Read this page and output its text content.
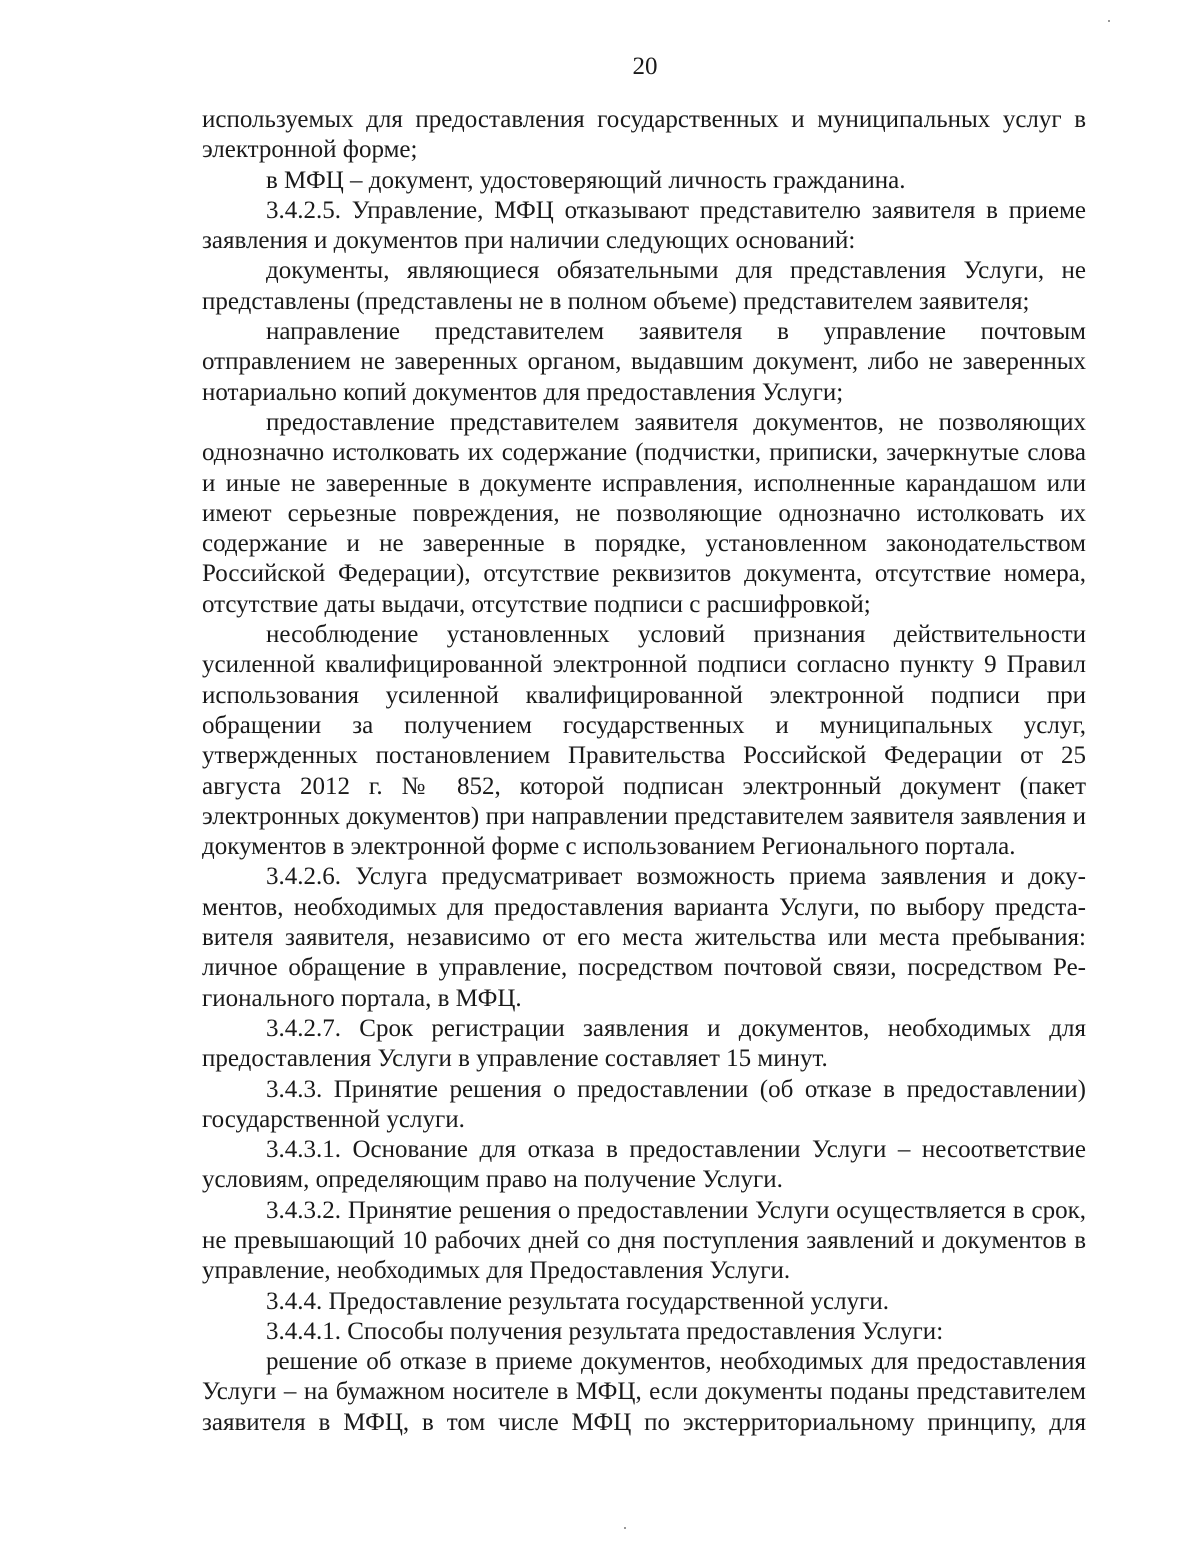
20

используемых для предоставления государственных и муниципальных услуг в электронной форме;

в МФЦ – документ, удостоверяющий личность гражданина.

3.4.2.5. Управление, МФЦ отказывают представителю заявителя в приеме заявления и документов при наличии следующих оснований:

документы, являющиеся обязательными для представления Услуги, не представлены (представлены не в полном объеме) представителем заявителя;

направление представителем заявителя в управление почтовым отправлением не заверенных органом, выдавшим документ, либо не заверенных нотариально копий документов для предоставления Услуги;

предоставление представителем заявителя документов, не позволяющих однозначно истолковать их содержание (подчистки, приписки, зачеркнутые слова и иные не заверенные в документе исправления, исполненные карандашом или имеют серьезные повреждения, не позволяющие однозначно истолковать их содержание и не заверенные в порядке, установленном законодательством Российской Федерации), отсутствие реквизитов документа, отсутствие номера, отсутствие даты выдачи, отсутствие подписи с расшифровкой;

несоблюдение установленных условий признания действительности усиленной квалифицированной электронной подписи согласно пункту 9 Правил использования усиленной квалифицированной электронной подписи при обращении за получением государственных и муниципальных услуг, утвержденных постановлением Правительства Российской Федерации от 25 августа 2012 г. № 852, которой подписан электронный документ (пакет электронных документов) при направлении представителем заявителя заявления и документов в электронной форме с использованием Регионального портала.

3.4.2.6. Услуга предусматривает возможность приема заявления и документов, необходимых для предоставления варианта Услуги, по выбору представителя заявителя, независимо от его места жительства или места пребывания: личное обращение в управление, посредством почтовой связи, посредством Регионального портала, в МФЦ.

3.4.2.7. Срок регистрации заявления и документов, необходимых для предоставления Услуги в управление составляет 15 минут.

3.4.3. Принятие решения о предоставлении (об отказе в предоставлении) государственной услуги.

3.4.3.1. Основание для отказа в предоставлении Услуги – несоответствие условиям, определяющим право на получение Услуги.

3.4.3.2. Принятие решения о предоставлении Услуги осуществляется в срок, не превышающий 10 рабочих дней со дня поступления заявлений и документов в управление, необходимых для Предоставления Услуги.

3.4.4. Предоставление результата государственной услуги.

3.4.4.1. Способы получения результата предоставления Услуги:

решение об отказе в приеме документов, необходимых для предоставления Услуги – на бумажном носителе в МФЦ, если документы поданы представителем заявителя в МФЦ, в том числе МФЦ по экстерриториальному принципу, для
